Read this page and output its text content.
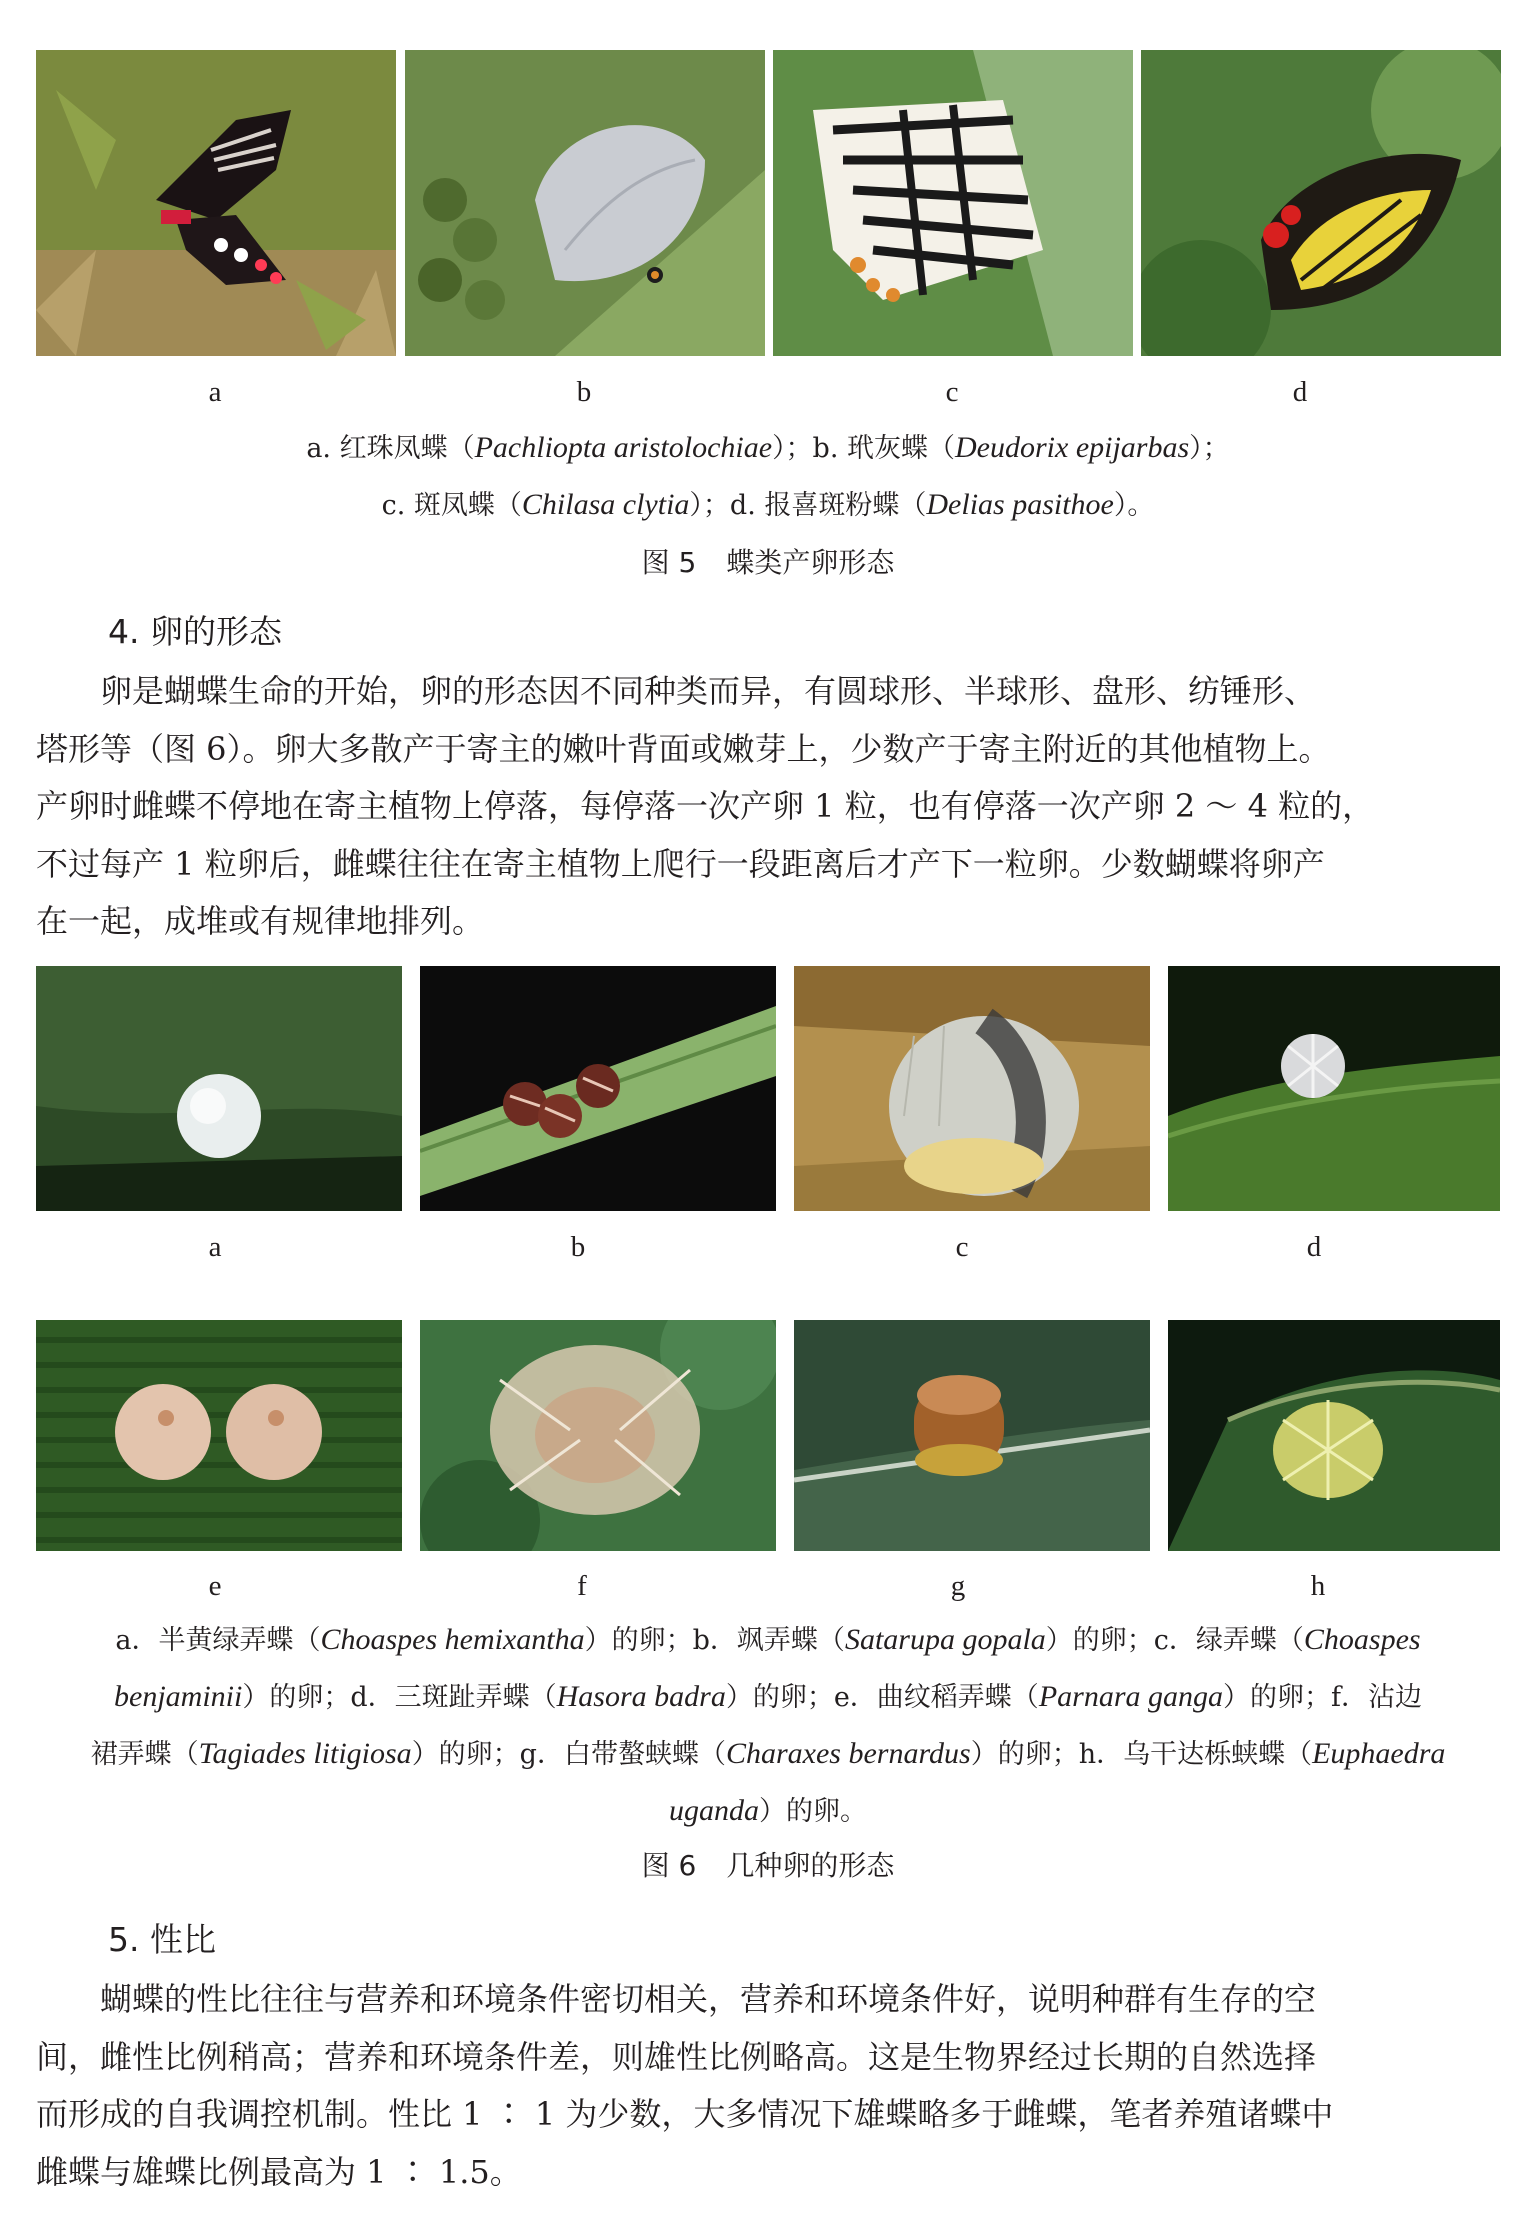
a	b	c	d
a. 红珠凤蝶（Pachliopta aristolochiae）；b. 玳灰蝶（Deudorix epijarbas）；
c. 斑凤蝶（Chilasa clytia）；d. 报喜斑粉蝶（Delias pasithoe）。
图 5 蝶类产卵形态
4. 卵的形态
　　卵是蝴蝶生命的开始，卵的形态因不同种类而异，有圆球形、半球形、盘形、纺锤形、
塔形等（图 6）。卵大多散产于寄主的嫩叶背面或嫩芽上，少数产于寄主附近的其他植物上。
产卵时雌蝶不停地在寄主植物上停落，每停落一次产卵 1 粒，也有停落一次产卵 2 ～ 4 粒的，
不过每产 1 粒卵后，雌蝶往往在寄主植物上爬行一段距离后才产下一粒卵。少数蝴蝶将卵产
在一起，成堆或有规律地排列。
a	b	c	d
e	f	g	h
a．半黄绿弄蝶（Choaspes hemixantha）的卵；b．飒弄蝶（Satarupa gopala）的卵；c．绿弄蝶（Choaspes
benjaminii）的卵；d．三斑趾弄蝶（Hasora badra）的卵；e．曲纹稻弄蝶（Parnara ganga）的卵；f．沾边
裙弄蝶（Tagiades litigiosa）的卵；g．白带螯蛱蝶（Charaxes bernardus）的卵；h．乌干达栎蛱蝶（Euphaedra
uganda）的卵。
图 6 几种卵的形态
5. 性比
　　蝴蝶的性比往往与营养和环境条件密切相关，营养和环境条件好，说明种群有生存的空
间，雌性比例稍高；营养和环境条件差，则雄性比例略高。这是生物界经过长期的自然选择
而形成的自我调控机制。性比 1 ∶ 1 为少数，大多情况下雄蝶略多于雌蝶，笔者养殖诸蝶中
雌蝶与雄蝶比例最高为 1 ∶ 1.5。
